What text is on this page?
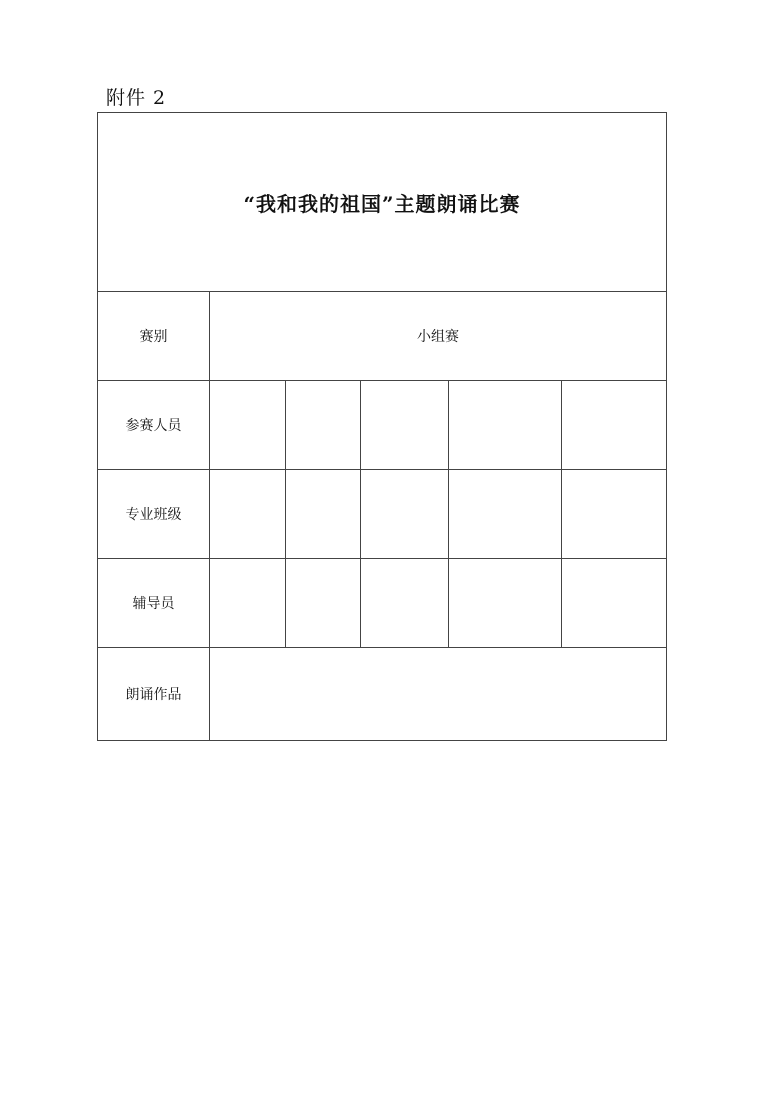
附件 2
“我和我的祖国”主题朗诵比赛					
赛别	小组赛				
参赛人员					
专业班级					
辅导员					
朗诵作品					
